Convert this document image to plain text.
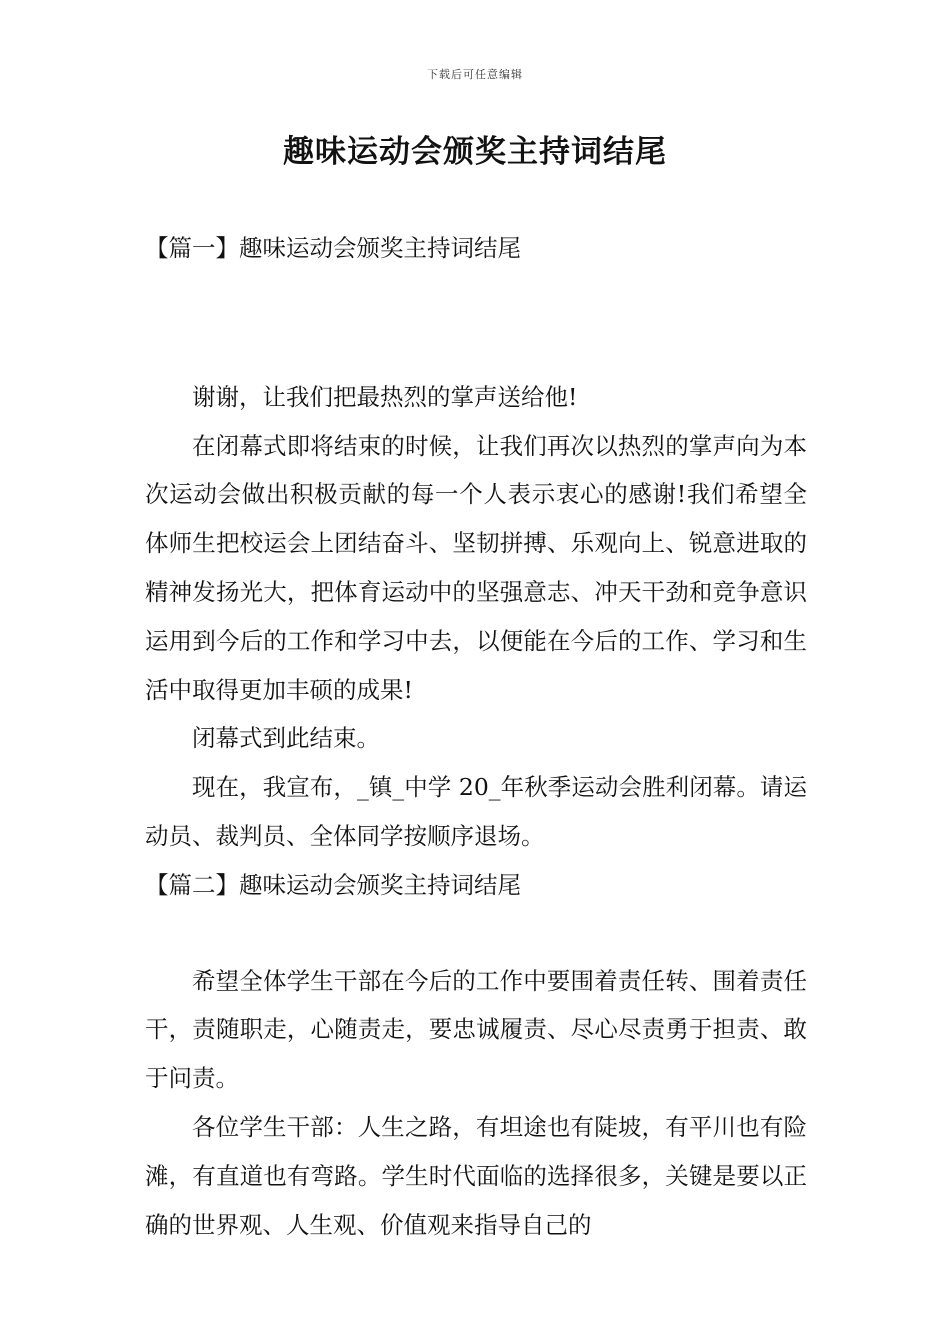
下载后可任意编辑
趣味运动会颁奖主持词结尾

【篇一】趣味运动会颁奖主持词结尾

谢谢，让我们把最热烈的掌声送给他!

在闭幕式即将结束的时候，让我们再次以热烈的掌声向为本次运动会做出积极贡献的每一个人表示衷心的感谢!我们希望全体师生把校运会上团结奋斗、坚韧拼搏、乐观向上、锐意进取的精神发扬光大，把体育运动中的坚强意志、冲天干劲和竞争意识运用到今后的工作和学习中去，以便能在今后的工作、学习和生活中取得更加丰硕的成果!

闭幕式到此结束。

现在，我宣布，_镇_中学 20_年秋季运动会胜利闭幕。请运动员、裁判员、全体同学按顺序退场。

【篇二】趣味运动会颁奖主持词结尾

希望全体学生干部在今后的工作中要围着责任转、围着责任干，责随职走，心随责走，要忠诚履责、尽心尽责勇于担责、敢于问责。

各位学生干部：人生之路，有坦途也有陡坡，有平川也有险滩，有直道也有弯路。学生时代面临的选择很多，关键是要以正确的世界观、人生观、价值观来指导自己的
